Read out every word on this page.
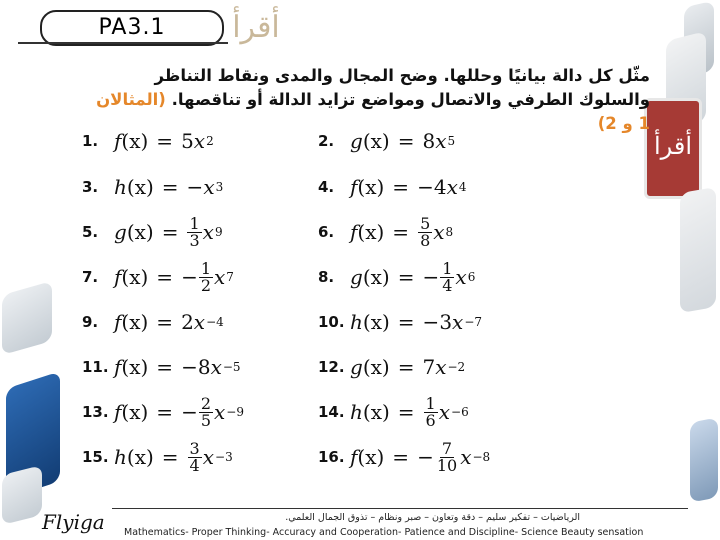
ﺃﻗﺮﺃ
PA3.1	ﺃﻗﺮﺃ
مثّل كل دالة بيانيًا وحللها. وضح المجال والمدى ونقاط التناظر والسلوك الطرفي والاتصال ومواضع تزايد الدالة أو تناقصها. (المثالان 1 و 2)
1. f (x) = 5 x 2	2. g (x) = 8 x 5
3. h (x) = − x 3	4. f (x) = − 4 x 4
5. g $(x) = \frac{1}{3}$ x 9	6. f $(x) = \frac{5}{8}$ x 8
7. f (x) = − $\frac{1}{2}$ x 7	8. g (x) = − $\frac{1}{4}$ x 6
9. f (x) = 2 x −4	10. h (x) = − 3 x −7
11. f (x) = − 8 x −5	12. g (x) = 7 x −2
13. f (x) = − $\frac{2}{5}$ x −9	14. h $(x) = \frac{1}{6}$ x −6
15. h $(x) = \frac{3}{4}$ x −3	16. f (x) = − $\frac{7}{10}$ x −8
Flyiga	الرياضيات – تفكير سليم – دقة وتعاون – صبر ونظام – تذوق الجمال العلمي.
Mathematics- Proper Thinking- Accuracy and Cooperation- Patience and Discipline- Science Beauty sensation
